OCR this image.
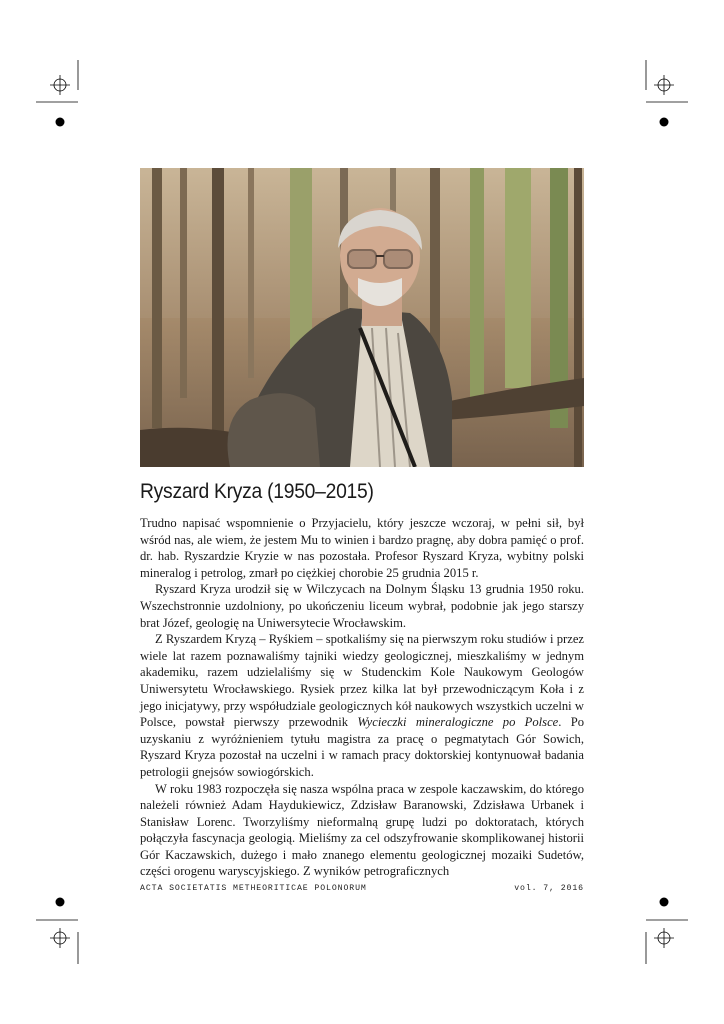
Ryszard Kryza (1950–2015)

Trudno napisać wspomnienie o Przyjacielu, który jeszcze wczoraj, w pełni sił, był wśród nas, ale wiem, że jestem Mu to winien i bardzo pragnę, aby dobra pamięć o prof. dr. hab. Ryszardzie Kryzie w nas pozostała. Profesor Ryszard Kryza, wybitny polski mineralog i petrolog, zmarł po ciężkiej chorobie 25 grudnia 2015 r.

Ryszard Kryza urodził się w Wilczycach na Dolnym Śląsku 13 grudnia 1950 roku. Wszechstronnie uzdolniony, po ukończeniu liceum wybrał, podobnie jak jego starszy brat Józef, geologię na Uniwersytecie Wrocławskim.

Z Ryszardem Kryzą – Ryśkiem – spotkaliśmy się na pierwszym roku studiów i przez wiele lat razem poznawaliśmy tajniki wiedzy geologicznej, mieszkaliśmy w jednym akademiku, razem udzielaliśmy się w Studenckim Kole Naukowym Geologów Uniwersytetu Wrocławskiego. Rysiek przez kilka lat był przewodniczącym Koła i z jego inicjatywy, przy współudziale geologicznych kół naukowych wszystkich uczelni w Polsce, powstał pierwszy przewodnik Wycieczki mineralogiczne po Polsce. Po uzyskaniu z wyróżnieniem tytułu magistra za pracę o pegmatytach Gór Sowich, Ryszard Kryza pozostał na uczelni i w ramach pracy doktorskiej kontynuował badania petrologii gnejsów sowiogórskich.

W roku 1983 rozpoczęła się nasza wspólna praca w zespole kaczawskim, do którego należeli również Adam Haydukiewicz, Zdzisław Baranowski, Zdzisława Urbanek i Stanisław Lorenc. Tworzyliśmy nieformalną grupę ludzi po doktoratach, których połączyła fascynacja geologią. Mieliśmy za cel odszyfrowanie skomplikowanej historii Gór Kaczawskich, dużego i mało znanego elementu geologicznej mozaiki Sudetów, części orogenu waryscyjskiego. Z wyników petrograficznych

ACTA SOCIETATIS METHEORITICAE POLONORUM	vol. 7, 2016
